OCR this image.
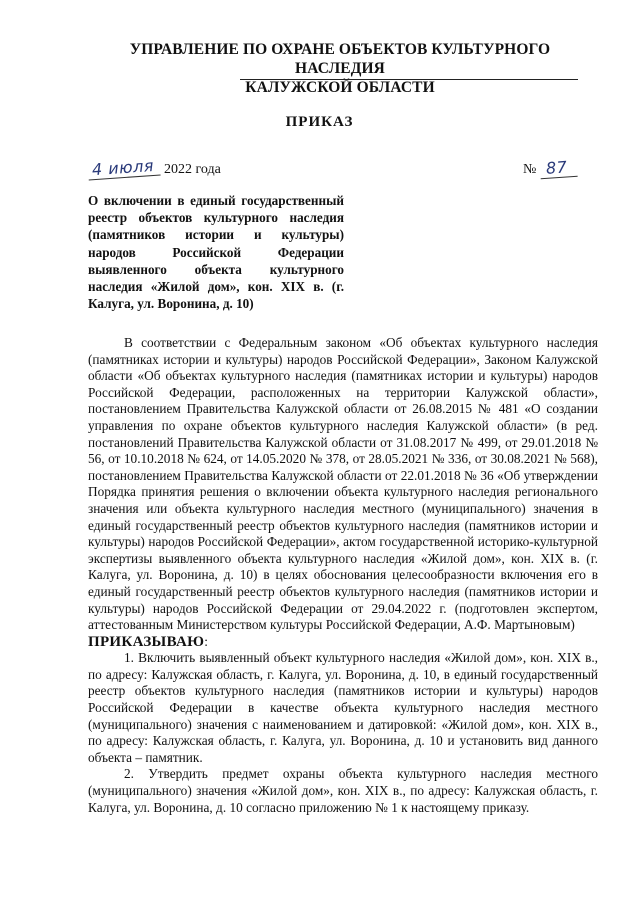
УПРАВЛЕНИЕ ПО ОХРАНЕ ОБЪЕКТОВ КУЛЬТУРНОГО НАСЛЕДИЯ
КАЛУЖСКОЙ ОБЛАСТИ
ПРИКАЗ
4 июля 2022 года	№ 87
О включении в единый государственный реестр объектов культурного наследия (памятников истории и культуры) народов Российской Федерации выявленного объекта культурного наследия «Жилой дом», кон. XIX в. (г. Калуга, ул. Воронина, д. 10)

В соответствии с Федеральным законом «Об объектах культурного наследия (памятниках истории и культуры) народов Российской Федерации», Законом Калужской области «Об объектах культурного наследия (памятниках истории и культуры) народов Российской Федерации, расположенных на территории Калужской области», постановлением Правительства Калужской области от 26.08.2015 № 481 «О создании управления по охране объектов культурного наследия Калужской области» (в ред. постановлений Правительства Калужской области от 31.08.2017 № 499, от 29.01.2018 № 56, от 10.10.2018 № 624, от 14.05.2020 № 378, от 28.05.2021 № 336, от 30.08.2021 № 568), постановлением Правительства Калужской области от 22.01.2018 № 36 «Об утверждении Порядка принятия решения о включении объекта культурного наследия регионального значения или объекта культурного наследия местного (муниципального) значения в единый государственный реестр объектов культурного наследия (памятников истории и культуры) народов Российской Федерации», актом государственной историко-культурной экспертизы выявленного объекта культурного наследия «Жилой дом», кон. XIX в. (г. Калуга, ул. Воронина, д. 10) в целях обоснования целесообразности включения его в единый государственный реестр объектов культурного наследия (памятников истории и культуры) народов Российской Федерации от 29.04.2022 г. (подготовлен экспертом, аттестованным Министерством культуры Российской Федерации, А.Ф. Мартыновым)

ПРИКАЗЫВАЮ:

1. Включить выявленный объект культурного наследия «Жилой дом», кон. XIX в., по адресу: Калужская область, г. Калуга, ул. Воронина, д. 10, в единый государственный реестр объектов культурного наследия (памятников истории и культуры) народов Российской Федерации в качестве объекта культурного наследия местного (муниципального) значения с наименованием и датировкой: «Жилой дом», кон. XIX в., по адресу: Калужская область, г. Калуга, ул. Воронина, д. 10 и установить вид данного объекта – памятник.

2. Утвердить предмет охраны объекта культурного наследия местного (муниципального) значения «Жилой дом», кон. XIX в., по адресу: Калужская область, г. Калуга, ул. Воронина, д. 10 согласно приложению № 1 к настоящему приказу.
